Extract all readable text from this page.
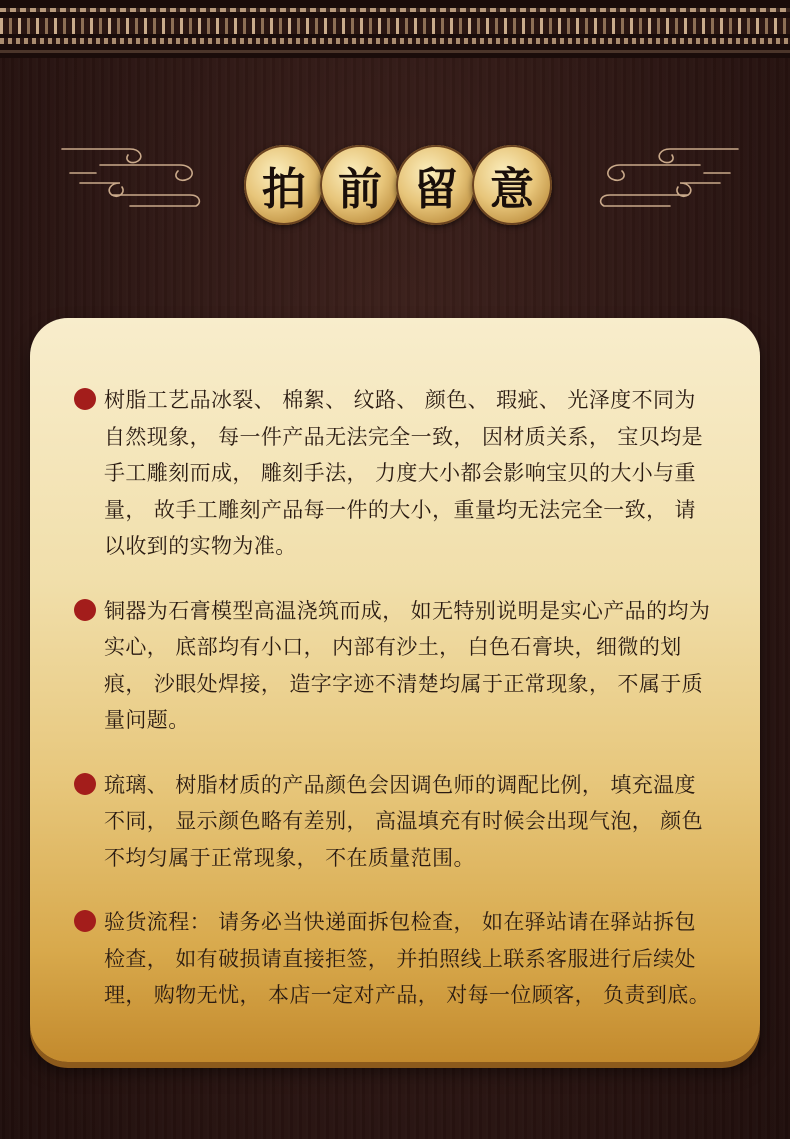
拍 前 留 意
树脂工艺品冰裂、 棉絮、 纹路、 颜色、 瑕疵、 光泽度不同为自然现象， 每一件产品无法完全一致， 因材质关系， 宝贝均是手工雕刻而成， 雕刻手法， 力度大小都会影响宝贝的大小与重量， 故手工雕刻产品每一件的大小，重量均无法完全一致， 请以收到的实物为准。
铜器为石膏模型高温浇筑而成， 如无特别说明是实心产品的均为实心， 底部均有小口， 内部有沙土， 白色石膏块，细微的划痕， 沙眼处焊接， 造字字迹不清楚均属于正常现象， 不属于质量问题。
琉璃、 树脂材质的产品颜色会因调色师的调配比例， 填充温度不同， 显示颜色略有差别， 高温填充有时候会出现气泡， 颜色不均匀属于正常现象， 不在质量范围。
验货流程： 请务必当快递面拆包检查， 如在驿站请在驿站拆包检查， 如有破损请直接拒签， 并拍照线上联系客服进行后续处理， 购物无忧， 本店一定对产品， 对每一位顾客， 负责到底。
